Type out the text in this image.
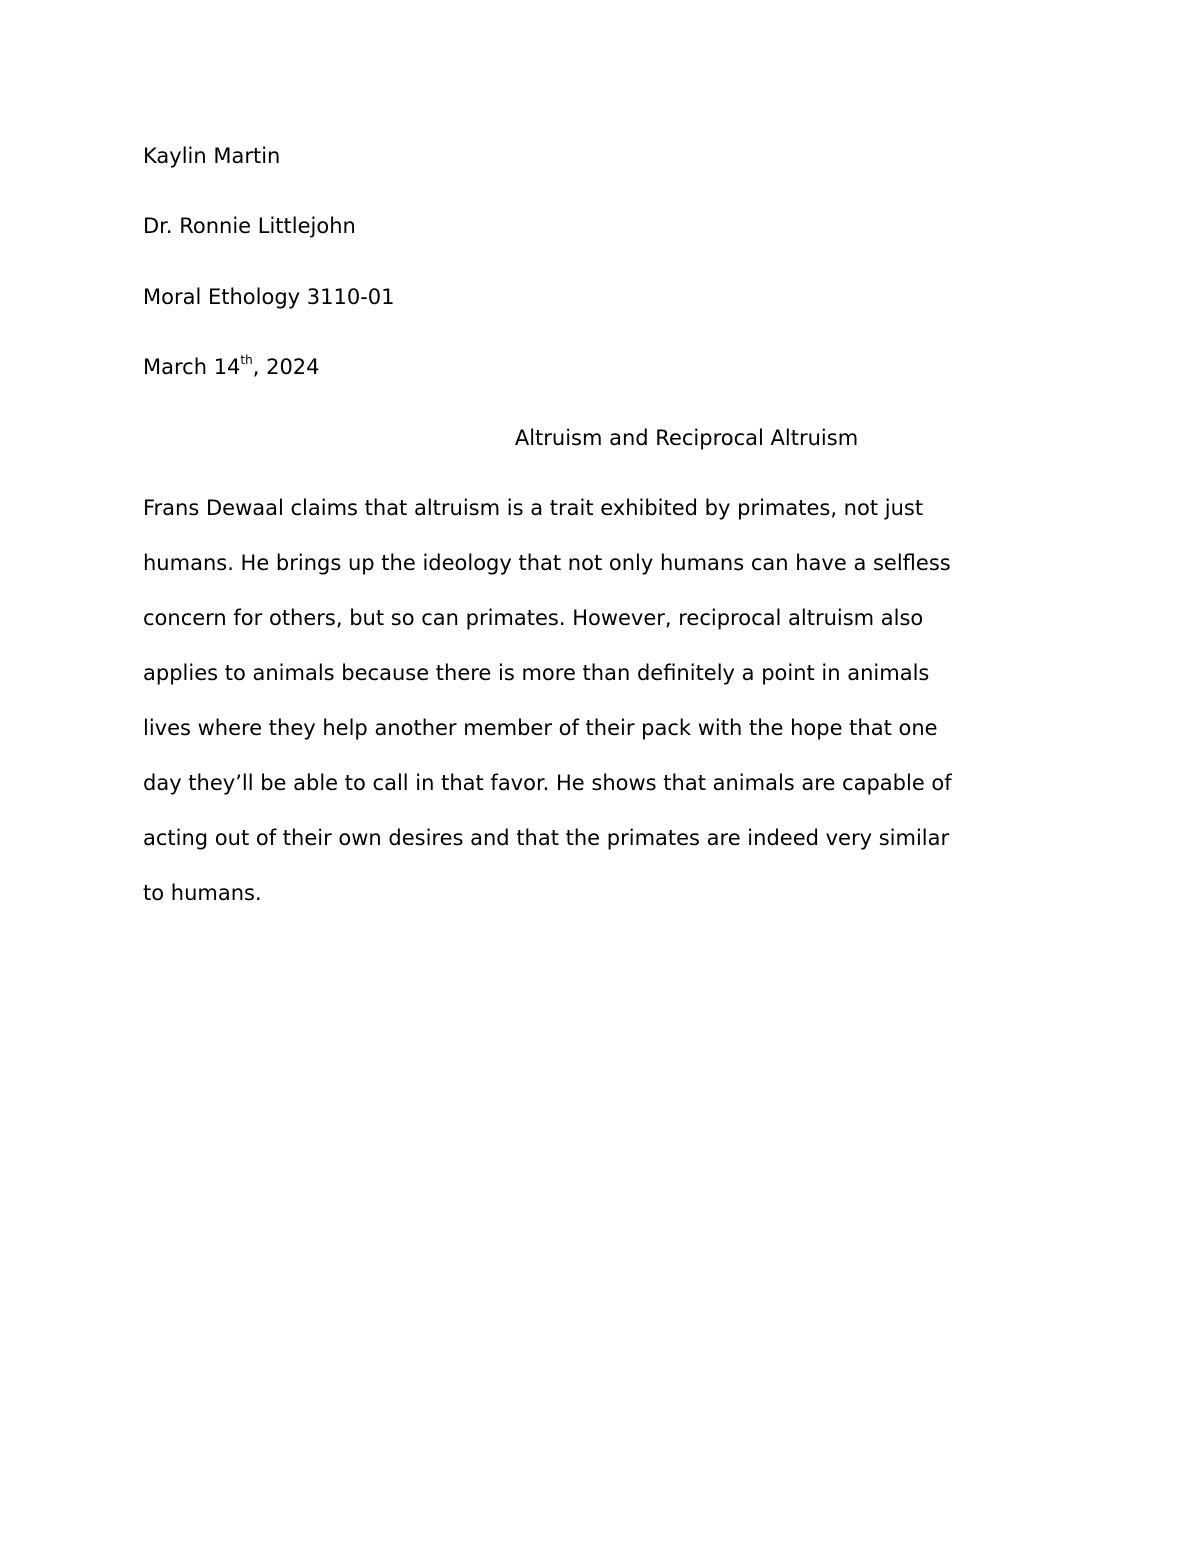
Kaylin Martin
Dr. Ronnie Littlejohn
Moral Ethology 3110-01
March 14th, 2024
Altruism and Reciprocal Altruism
Frans Dewaal claims that altruism is a trait exhibited by primates, not just
humans. He brings up the ideology that not only humans can have a selfless
concern for others, but so can primates. However, reciprocal altruism also
applies to animals because there is more than definitely a point in animals
lives where they help another member of their pack with the hope that one
day they’ll be able to call in that favor. He shows that animals are capable of
acting out of their own desires and that the primates are indeed very similar
to humans.
